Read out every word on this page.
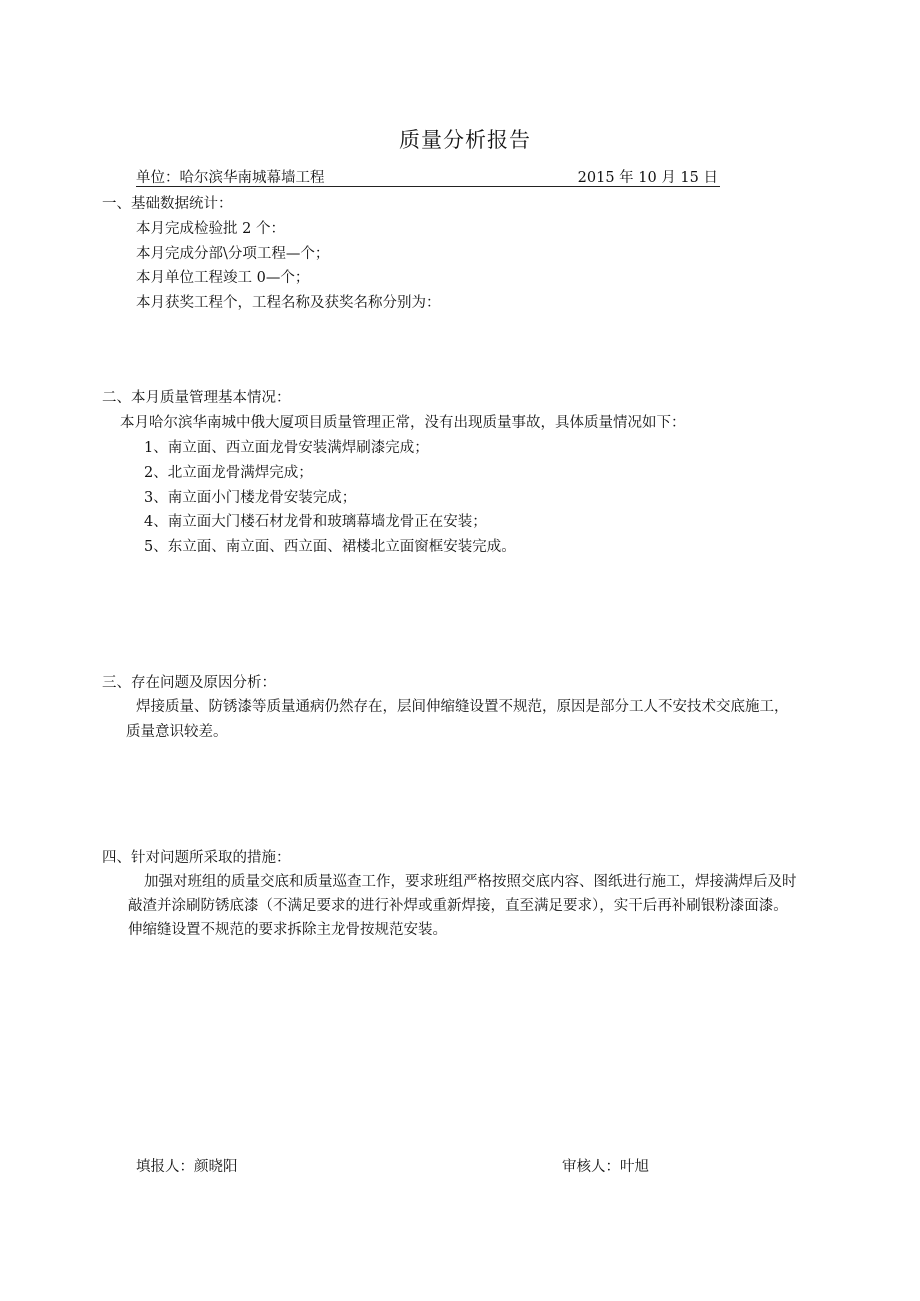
质量分析报告
单位：哈尔滨华南城幕墙工程	2015 年 10 月 15 日
一、基础数据统计：
本月完成检验批 2 个：
本月完成分部\分项工程—个；
本月单位工程竣工 0—个；
本月获奖工程个，工程名称及获奖名称分别为：
二、本月质量管理基本情况：
本月哈尔滨华南城中俄大厦项目质量管理正常，没有出现质量事故，具体质量情况如下：
1、南立面、西立面龙骨安装满焊刷漆完成；
2、北立面龙骨满焊完成；
3、南立面小门楼龙骨安装完成；
4、南立面大门楼石材龙骨和玻璃幕墙龙骨正在安装；
5、东立面、南立面、西立面、裙楼北立面窗框安装完成。
三、存在问题及原因分析：
焊接质量、防锈漆等质量通病仍然存在，层间伸缩缝设置不规范，原因是部分工人不安技术交底施工，
质量意识较差。
四、针对问题所采取的措施：
加强对班组的质量交底和质量巡查工作，要求班组严格按照交底内容、图纸进行施工，焊接满焊后及时
敲渣并涂刷防锈底漆（不满足要求的进行补焊或重新焊接，直至满足要求），实干后再补刷银粉漆面漆。
伸缩缝设置不规范的要求拆除主龙骨按规范安装。
填报人：颜晓阳	审核人：叶旭
